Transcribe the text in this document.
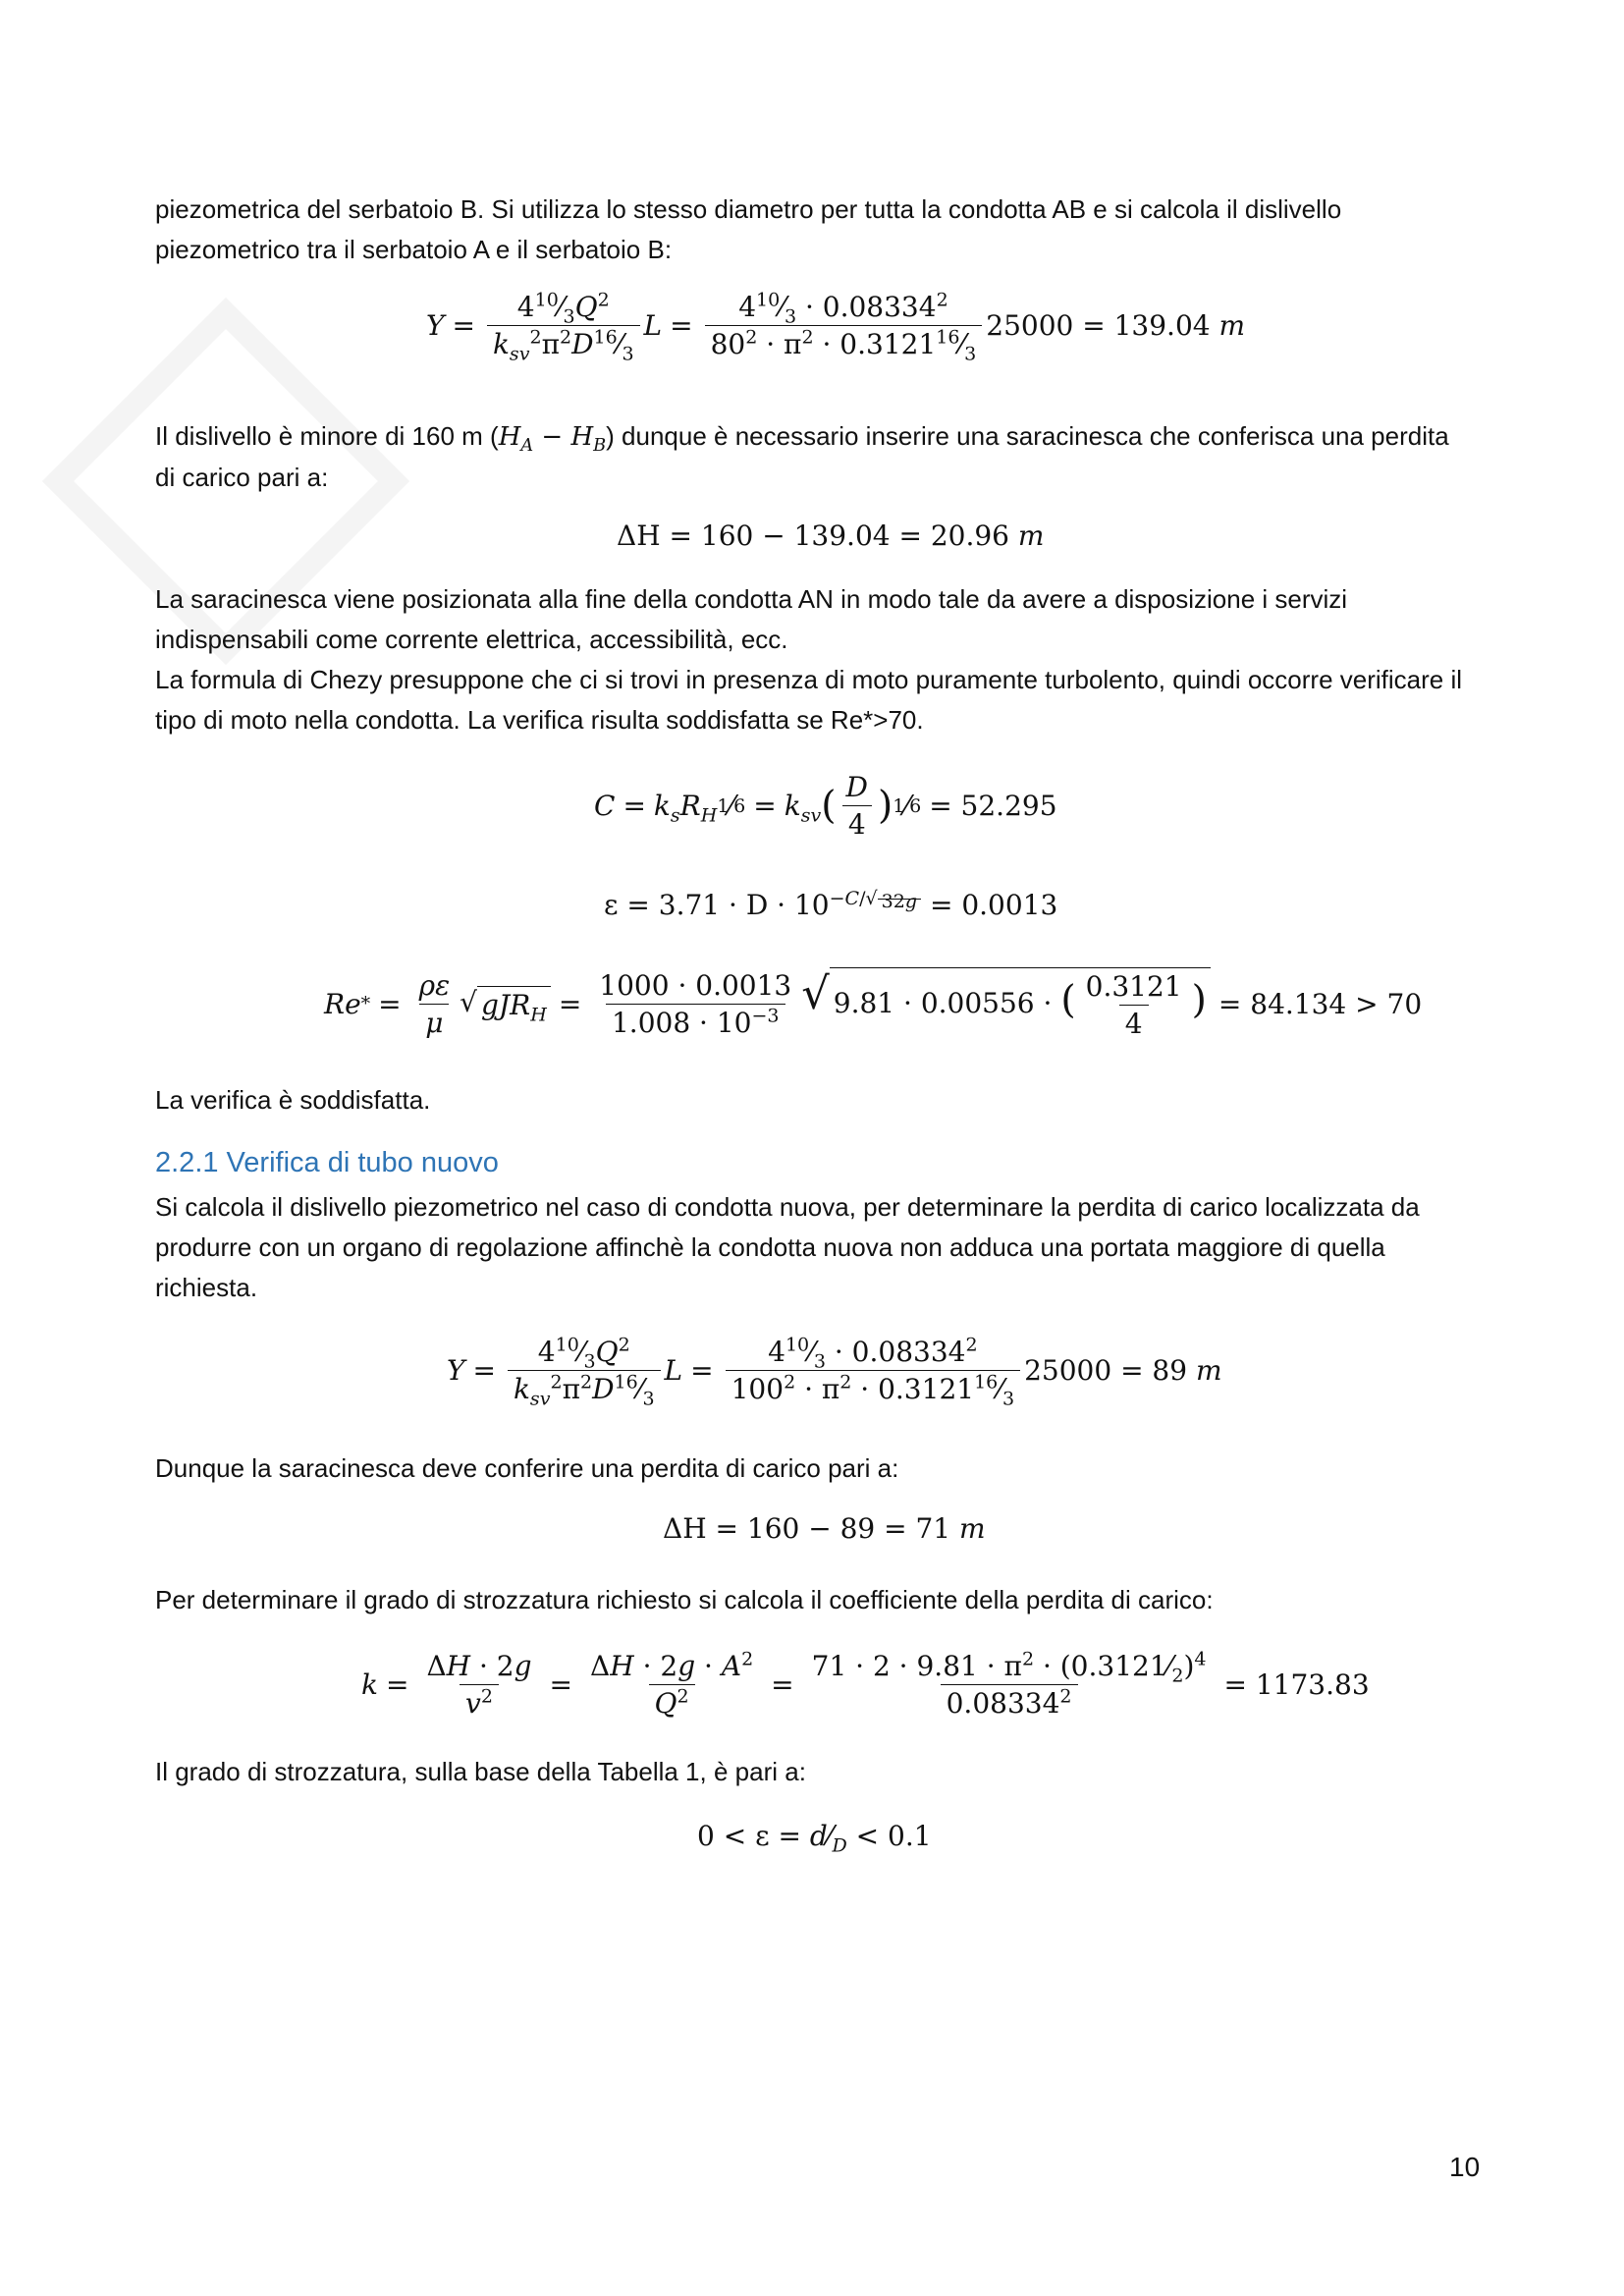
piezometrica del serbatoio B. Si utilizza lo stesso diametro per tutta la condotta AB e si calcola il dislivello piezometrico tra il serbatoio A e il serbatoio B:

$Y = \frac{4^{10}⁄_3Q^2}{k_{sv}^2\pi^2D^{16}⁄_3}$ $L = \frac{4^{10}⁄_3 \cdot 0.08334^2}{80^2 \cdot \pi^2 \cdot 0.3121^{16}⁄_3} 25000 = 139.04$
m

Il dislivello è minore di 160 m $(H_A - H_B)$ dunque è necessario inserire una saracinesca che conferisca una perdita di carico pari a:

ΔH = 160 − 139.04 = 20.96 m

La saracinesca viene posizionata alla fine della condotta AN in modo tale da avere a disposizione i servizi indispensabili come corrente elettrica, accessibilità, ecc.

La formula di Chezy presuppone che ci si trovi in presenza di moto puramente turbolento, quindi occorre verificare il tipo di moto nella condotta. La verifica risulta soddisfatta se Re*>70.

$C = k_sR_H$ 1 ⁄ $6 = k_{sv}$ ( $\frac{D}{4}$ ) 1 ⁄ 6 = 52.295
$\varepsilon = 3.71 \cdot D \cdot 10^{-C/ √ 32g} = 0.0013$
Re * = $\frac{\rho\varepsilon}{\mu}$ √ $gJR_H = \frac{1000 \cdot 0.0013}{1.008 \cdot 10^{-3}}$ √ 9.81 · 0.00556 · ( $\frac{0.3121}{4}$ ) = 84.134 > 70

La verifica è soddisfatta.

2.2.1 Verifica di tubo nuovo

Si calcola il dislivello piezometrico nel caso di condotta nuova, per determinare la perdita di carico localizzata da produrre con un organo di regolazione affinchè la condotta nuova non adduca una portata maggiore di quella richiesta.

$Y = \frac{4^{10}⁄_3Q^2}{k_{sv}^2\pi^2D^{16}⁄_3}$ $L = \frac{4^{10}⁄_3 \cdot 0.08334^2}{100^2 \cdot \pi^2 \cdot 0.3121^{16}⁄_3} 25000 = 89$
m

Dunque la saracinesca deve conferire una perdita di carico pari a:

ΔH = 160 − 89 = 71 m

Per determinare il grado di strozzatura richiesto si calcola il coefficiente della perdita di carico:

$k = \frac{\Delta H \cdot 2g}{v^2} = \frac{\Delta H \cdot 2g \cdot A^2}{Q^2} = \frac{71 \cdot 2 \cdot 9.81 \cdot \pi^2 \cdot (0.3121⁄_2)^4}{0.08334^2} = 1173.83$

Il grado di strozzatura, sulla base della Tabella 1, è pari a:

$0 < \varepsilon = d⁄_D < 0.1$
10
